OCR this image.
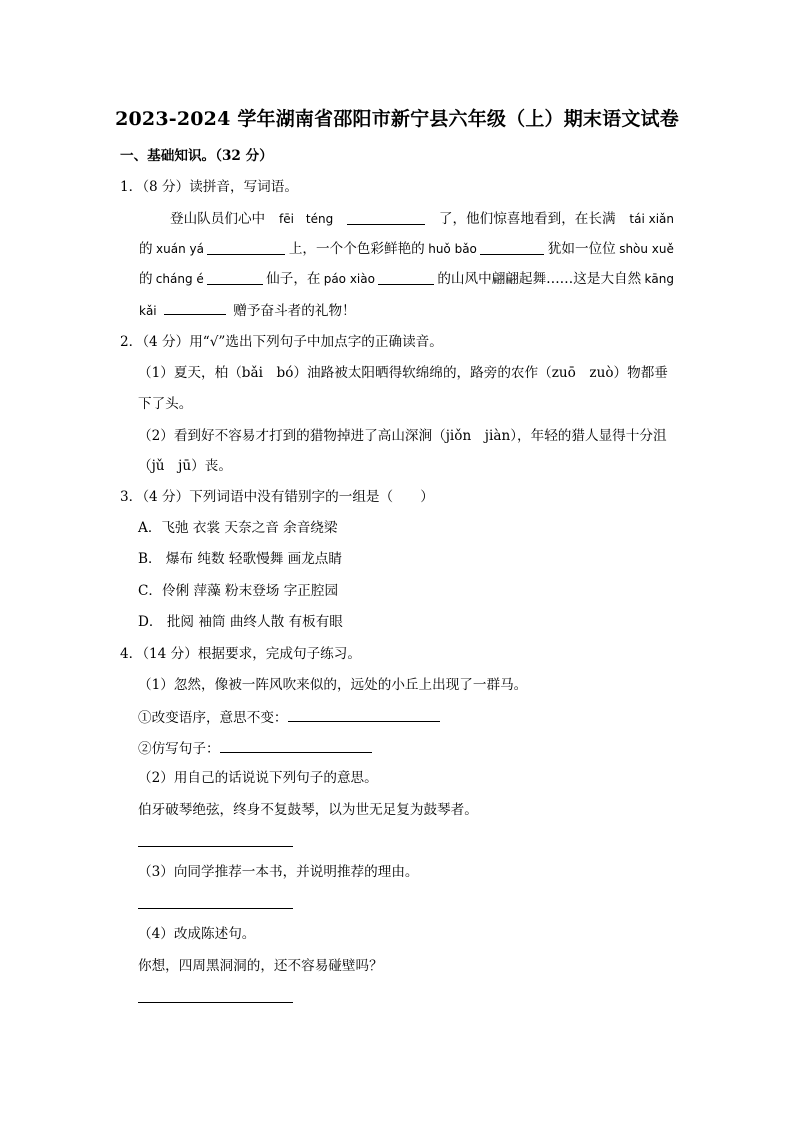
2023-2024 学年湖南省邵阳市新宁县六年级（上）期末语文试卷
一、基础知识。（32 分）
1．（8 分）读拼音，写词语。
登山队员们心中 fēi　téng	了，他们惊喜地看到，在长满 tái xiǎn
的 xuán yá	上，一个个色彩鲜艳的 huǒ bǎo	犹如一位位 shòu xuě
的 cháng é	仙子，在 páo xiào	的山风中翩翩起舞……这是大自然 kāng
kǎi	赠予奋斗者的礼物！
2．（4 分）用“√”选出下列句子中加点字的正确读音。
（1）夏天，柏（bǎi　bó）油路被太阳晒得软绵绵的，路旁的农作（zuō　zuò）物都垂
下了头。
（2）看到好不容易才打到的猎物掉进了高山深涧（jiǒn　jiàn），年轻的猎人显得十分沮
（jǔ　jū）丧。
3．（4 分）下列词语中没有错别字的一组是（　　）
A．飞弛 衣裳 天奈之音 余音绕梁
B． 爆布 纯数 轻歌慢舞 画龙点睛
C．伶俐 萍藻 粉末登场 字正腔园
D． 批阅 袖筒 曲终人散 有板有眼
4．（14 分）根据要求，完成句子练习。
（1）忽然，像被一阵风吹来似的，远处的小丘上出现了一群马。
①改变语序，意思不变：
②仿写句子：
（2）用自己的话说说下列句子的意思。
伯牙破琴绝弦，终身不复鼓琴，以为世无足复为鼓琴者。
（3）向同学推荐一本书，并说明推荐的理由。
（4）改成陈述句。
你想，四周黑洞洞的，还不容易碰壁吗？
